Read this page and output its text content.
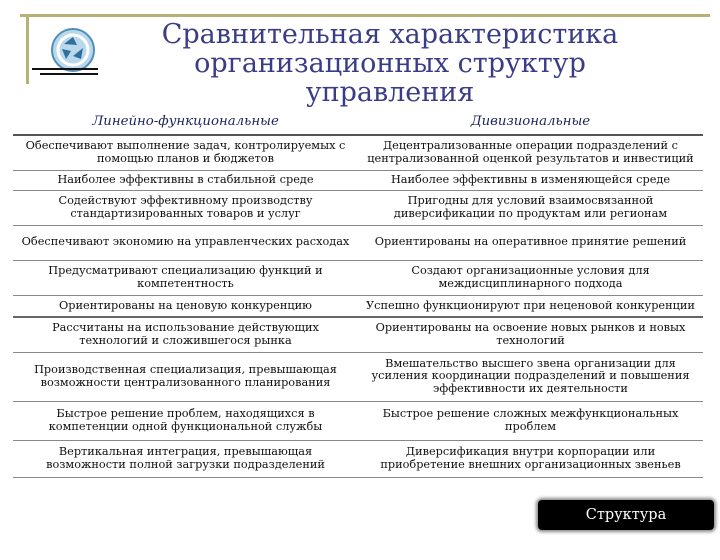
Сравнительная характеристика
организационных структур управления
Линейно-функциональные	Дивизиональные
Обеспечивают выполнение задач, контролируемых с помощью планов и бюджетов	Децентрализованные операции подразделений с централизованной оценкой результатов и инвестиций
Наиболее эффективны в стабильной среде	Наиболее эффективны в изменяющейся среде
Содействуют эффективному производству стандартизированных товаров и услуг	Пригодны для условий взаимосвязанной диверсификации по продуктам или регионам
Обеспечивают экономию на управленческих расходах	Ориентированы на оперативное принятие решений
Предусматривают специализацию функций и компетентность	Создают организационные условия для междисциплинарного подхода
Ориентированы на ценовую конкуренцию	Успешно функционируют при неценовой конкуренции
Рассчитаны на использование действующих технологий и сложившегося рынка	Ориентированы на освоение новых рынков и новых технологий
Производственная специализация, превышающая возможности централизованного планирования	Вмешательство высшего звена организации для усиления координации подразделений и повышения эффективности их деятельности
Быстрое решение проблем, находящихся в компетенции одной функциональной службы	Быстрое решение сложных межфункциональных проблем
Вертикальная интеграция, превышающая возможности полной загрузки подразделений	Диверсификация внутри корпорации или приобретение внешних организационных звеньев
Структура организации
